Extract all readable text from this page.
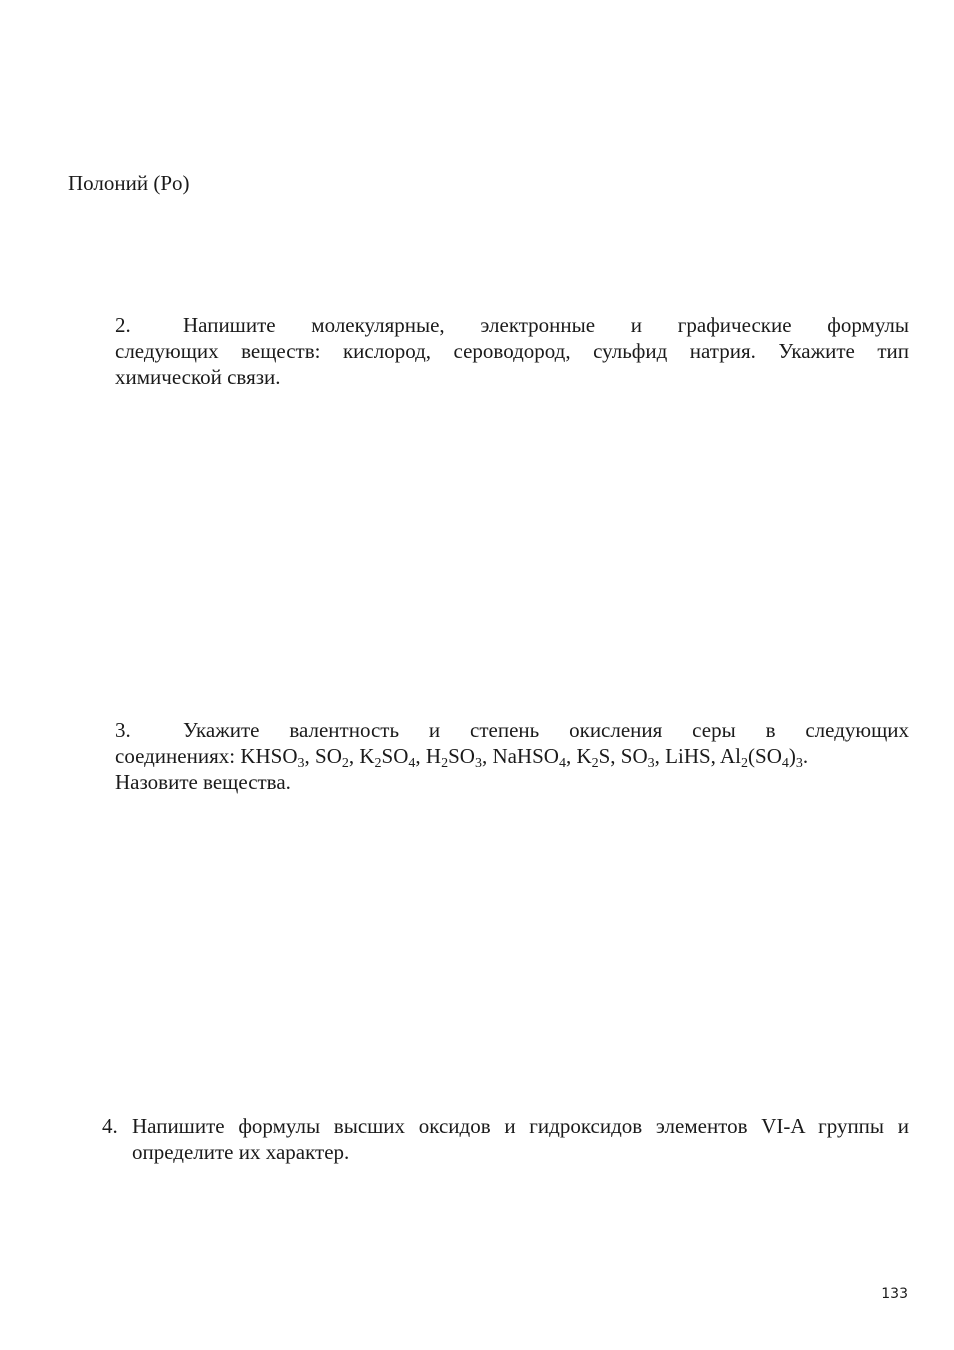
Полоний (Po)
2. Напишите молекулярные, электронные и графические формулы
следующих веществ: кислород, сероводород, сульфид натрия. Укажите тип
химической связи.
3. Укажите валентность и степень окисления серы в следующих
соединениях: $KHSO_3$, $SO_2$, $K_2SO_4$, $H_2SO_3$, NaHSO$_4$, $K_2S$, $SO_3$, LiHS, $Al_2(SO_4)_3$.
Назовите вещества.
4. Напишите формулы высших оксидов и гидроксидов элементов VI-A группы и
определите их характер.
133
